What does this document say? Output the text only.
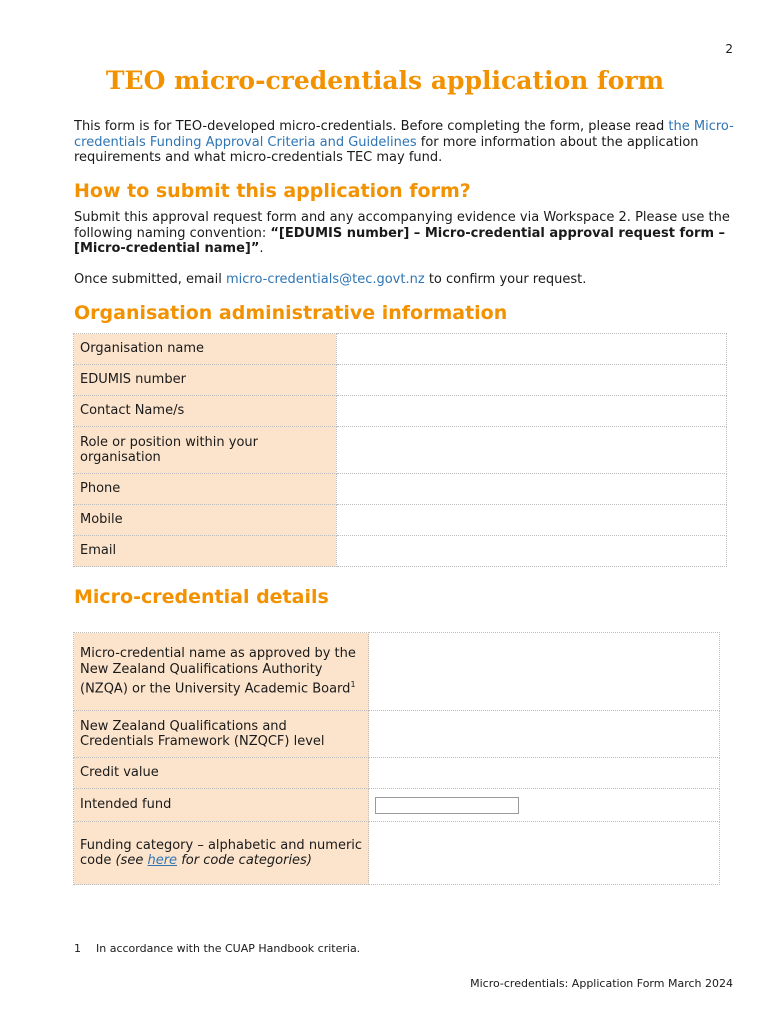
2
TEO micro-credentials application form

This form is for TEO-developed micro-credentials. Before completing the form, please read the Micro-credentials Funding Approval Criteria and Guidelines for more information about the application requirements and what micro-credentials TEC may fund.

How to submit this application form?

Submit this approval request form and any accompanying evidence via Workspace 2. Please use the following naming convention: “[EDUMIS number] – Micro-credential approval request form – [Micro-credential name]”.

Once submitted, email micro-credentials@tec.govt.nz to confirm your request.

Organisation administrative information
Organisation name	
EDUMIS number	
Contact Name/s	
Role or position within your organisation	
Phone	
Mobile	
Email	
Micro-credential details
Micro-credential name as approved by the New Zealand Qualifications Authority (NZQA) or the University Academic Board$^1$	
New Zealand Qualifications and Credentials Framework (NZQCF) level	
Credit value	
Intended fund	

Funding category – alphabetic and numeric code (see here for code categories)	
1 In accordance with the CUAP Handbook criteria.
Micro-credentials: Application Form March 2024
